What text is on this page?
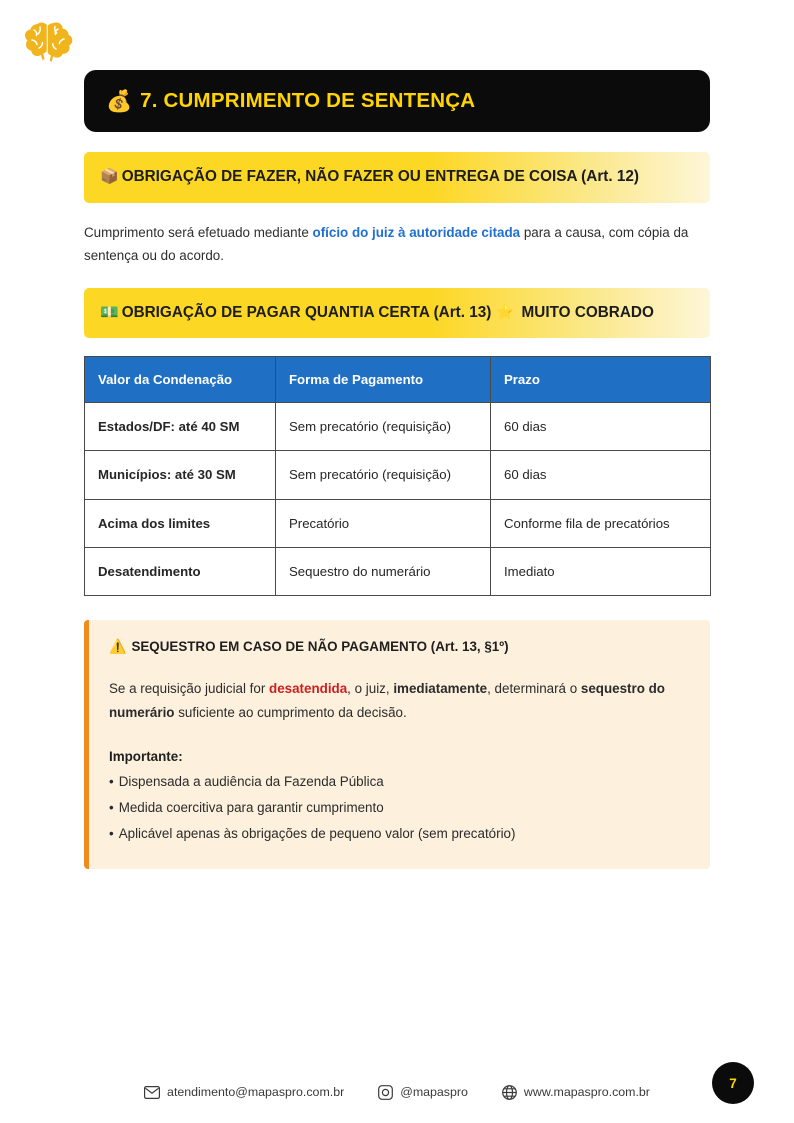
💰 7. CUMPRIMENTO DE SENTENÇA
📦 OBRIGAÇÃO DE FAZER, NÃO FAZER OU ENTREGA DE COISA (Art. 12)
Cumprimento será efetuado mediante ofício do juiz à autoridade citada para a causa, com cópia da sentença ou do acordo.
💵 OBRIGAÇÃO DE PAGAR QUANTIA CERTA (Art. 13) ⭐ MUITO COBRADO
Valor da Condenação	Forma de Pagamento	Prazo
Estados/DF: até 40 SM	Sem precatório (requisição)	60 dias
Municípios: até 30 SM	Sem precatório (requisição)	60 dias
Acima dos limites	Precatório	Conforme fila de precatórios
Desatendimento	Sequestro do numerário	Imediato
⚠️ SEQUESTRO EM CASO DE NÃO PAGAMENTO (Art. 13, §1º)
Se a requisição judicial for desatendida, o juiz, imediatamente, determinará o sequestro do numerário suficiente ao cumprimento da decisão.
Importante:
• Dispensada a audiência da Fazenda Pública
• Medida coercitiva para garantir cumprimento
• Aplicável apenas às obrigações de pequeno valor (sem precatório)
atendimento@mapaspro.com.br	@mapaspro	www.mapaspro.com.br
7
